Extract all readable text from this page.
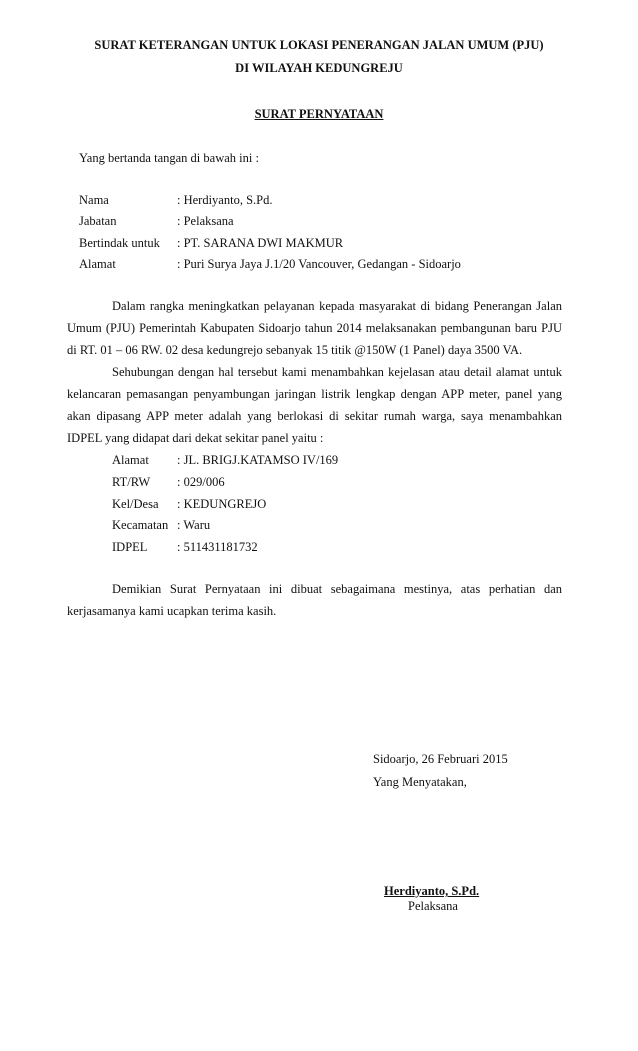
SURAT KETERANGAN UNTUK LOKASI PENERANGAN JALAN UMUM (PJU)
DI WILAYAH KEDUNGREJU
SURAT PERNYATAAN
Yang bertanda tangan di bawah ini :
Nama	: Herdiyanto, S.Pd.
Jabatan	: Pelaksana
Bertindak untuk : PT. SARANA DWI MAKMUR
Alamat	: Puri Surya Jaya J.1/20 Vancouver, Gedangan - Sidoarjo
Dalam rangka meningkatkan pelayanan kepada masyarakat di bidang Penerangan Jalan
Umum (PJU) Pemerintah Kabupaten Sidoarjo tahun 2014 melaksanakan pembangunan baru PJU
di RT. 01 – 06 RW. 02 desa kedungrejo sebanyak 15 titik @150W (1 Panel) daya 3500 VA.
Sehubungan dengan hal tersebut kami menambahkan kejelasan atau detail alamat untuk
kelancaran pemasangan penyambungan jaringan listrik lengkap dengan APP meter, panel yang
akan dipasang APP meter adalah yang berlokasi di sekitar rumah warga, saya menambahkan
IDPEL yang didapat dari dekat sekitar panel yaitu :
Alamat : JL. BRIGJ.KATAMSO IV/169
RT/RW : 029/006
Kel/Desa : KEDUNGREJO
Kecamatan : Waru
IDPEL : 511431181732
Demikian Surat Pernyataan ini dibuat sebagaimana mestinya, atas perhatian dan
kerjasamanya kami ucapkan terima kasih.
Sidoarjo, 26 Februari 2015
Yang Menyatakan,
Herdiyanto, S.Pd.
Pelaksana
